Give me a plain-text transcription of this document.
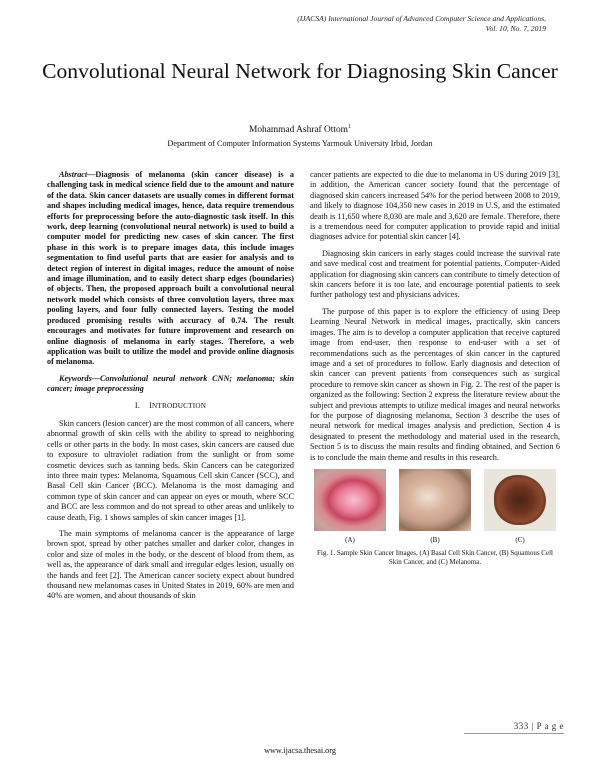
(IJACSA) International Journal of Advanced Computer Science and Applications,
Vol. 10, No. 7, 2019
Convolutional Neural Network for Diagnosing Skin Cancer
Mohammad Ashraf Ottom$^1$
Department of Computer Information Systems Yarmouk University Irbid, Jordan

Abstract—Diagnosis of melanoma (skin cancer disease) is a challenging task in medical science field due to the amount and nature of the data. Skin cancer datasets are usually comes in different format and shapes including medical images, hence, data require tremendous efforts for preprocessing before the auto-diagnostic task itself. In this work, deep learning (convolutional neural network) is used to build a computer model for predicting new cases of skin cancer. The first phase in this work is to prepare images data, this include images segmentation to find useful parts that are easier for analysis and to detect region of interest in digital images, reduce the amount of noise and image illumination, and to easily detect sharp edges (boundaries) of objects. Then, the proposed approach built a convolutional neural network model which consists of three convolution layers, three max pooling layers, and four fully connected layers. Testing the model produced promising results with accuracy of 0.74. The result encourages and motivates for future improvement and research on online diagnosis of melanoma in early stages. Therefore, a web application was built to utilize the model and provide online diagnosis of melanoma.

Keywords—Convolutional neural network CNN; melanoma; skin cancer; image preprocessing

I. INTRODUCTION

Skin cancers (lesion cancer) are the most common of all cancers, where abnormal growth of skin cells with the ability to spread to neighboring cells or other parts in the body. In most cases, skin cancers are caused due to exposure to ultraviolet radiation from the sunlight or from some cosmetic devices such as tanning beds. Skin Cancers can be categorized into three main types: Melanoma, Squamous Cell skin Cancer (SCC), and Basal Cell skin Cancer (BCC). Melanoma is the most damaging and common type of skin cancer and can appear on eyes or mouth, where SCC and BCC are less common and do not spread to other areas and unlikely to cause death, Fig. 1 shows samples of skin cancer images [1].

The main symptoms of melanoma cancer is the appearance of large brown spot, spread by other patches smaller and darker color, changes in color and size of moles in the body, or the descent of blood from them, as well as, the appearance of dark small and irregular edges lesion, usually on the hands and feet [2]. The American cancer society expect about hundred thousand new melanomas cases in United States in 2019, 60% are men and 40% are women, and about thousands of skin

cancer patients are expected to die due to melanoma in US during 2019 [3], in addition, the American cancer society found that the percentage of diagnosed skin cancers increased 54% for the period between 2008 to 2019, and likely to diagnose 104,350 new cases in 2019 in U.S, and the estimated death is 11,650 where 8,030 are male and 3,620 are female. Therefore, there is a tremendous need for computer application to provide rapid and initial diagnoses advice for potential skin cancer [4].

Diagnosing skin cancers in early stages could increase the survival rate and save medical cost and treatment for potential patients. Computer-Aided application for diagnosing skin cancers can contribute to timely detection of skin cancers before it is too late, and encourage potential patients to seek further pathology test and physicians advices.

The purpose of this paper is to explore the efficiency of using Deep Learning Neural Network in medical images, practically, skin cancers images. The aim is to develop a computer application that receive captured image from end-user, then response to end-user with a set of recommendations such as the percentages of skin cancer in the captured image and a set of procedures to follow. Early diagnosis and detection of skin cancer can prevent patients from consequences such as surgical procedure to remove skin cancer as shown in Fig. 2. The rest of the paper is organized as the following: Section 2 express the literature review about the subject and previous attempts to utilize medical images and neural networks for the purpose of diagnosing melanoma, Section 3 describe the uses of neural network for medical images analysis and prediction, Section 4 is designated to present the methodology and material used in the research, Section 5 is to discuss the main results and finding obtained, and Section 6 is to conclude the main theme and results in this research.

(A)	(B)	(C)
Fig. 1. Sample Skin Cancer Images, (A) Basal Cell Skin Cancer, (B) Squamous Cell Skin Cancer, and (C) Melanoma.
333 | P a g e
www.ijacsa.thesai.org
